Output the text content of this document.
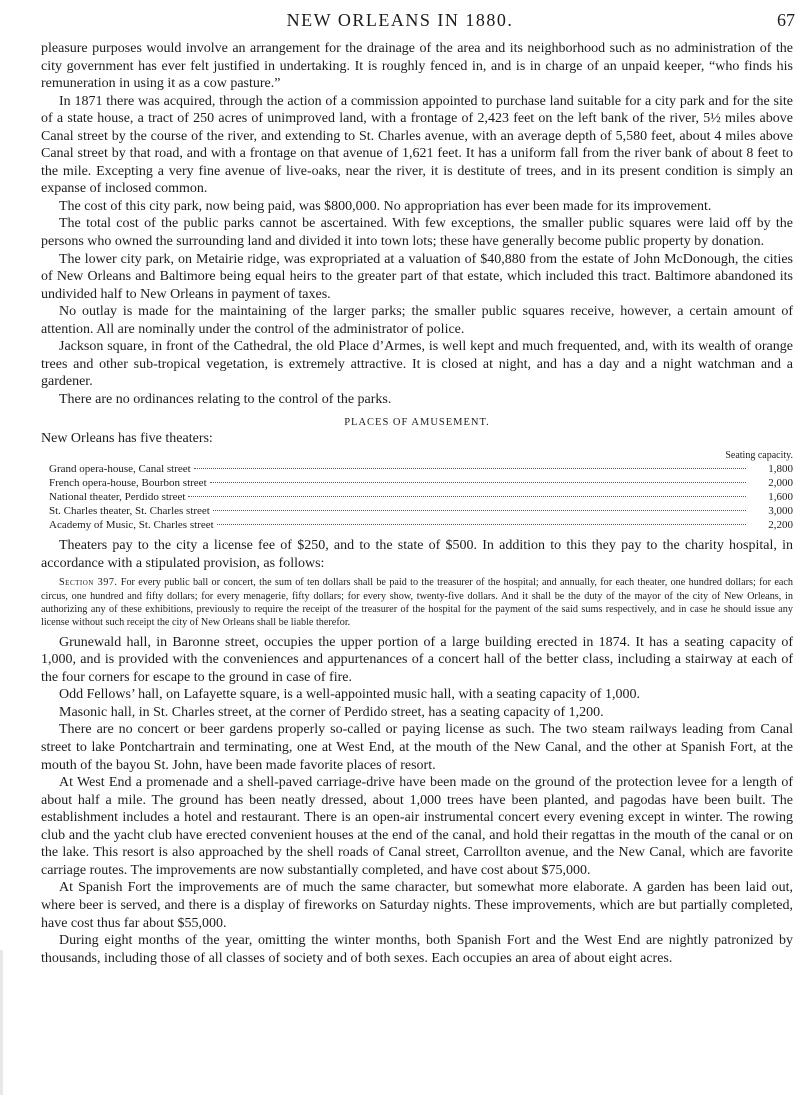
NEW ORLEANS IN 1880.	67

pleasure purposes would involve an arrangement for the drainage of the area and its neighborhood such as no administration of the city government has ever felt justified in undertaking. It is roughly fenced in, and is in charge of an unpaid keeper, “who finds his remuneration in using it as a cow pasture.”

In 1871 there was acquired, through the action of a commission appointed to purchase land suitable for a city park and for the site of a state house, a tract of 250 acres of unimproved land, with a frontage of 2,423 feet on the left bank of the river, 5½ miles above Canal street by the course of the river, and extending to St. Charles avenue, with an average depth of 5,580 feet, about 4 miles above Canal street by that road, and with a frontage on that avenue of 1,621 feet. It has a uniform fall from the river bank of about 8 feet to the mile. Excepting a very fine avenue of live-oaks, near the river, it is destitute of trees, and in its present condition is simply an expanse of inclosed common.

The cost of this city park, now being paid, was $800,000. No appropriation has ever been made for its improvement.

The total cost of the public parks cannot be ascertained. With few exceptions, the smaller public squares were laid off by the persons who owned the surrounding land and divided it into town lots; these have generally become public property by donation.

The lower city park, on Metairie ridge, was expropriated at a valuation of $40,880 from the estate of John McDonough, the cities of New Orleans and Baltimore being equal heirs to the greater part of that estate, which included this tract. Baltimore abandoned its undivided half to New Orleans in payment of taxes.

No outlay is made for the maintaining of the larger parks; the smaller public squares receive, however, a certain amount of attention. All are nominally under the control of the administrator of police.

Jackson square, in front of the Cathedral, the old Place d’Armes, is well kept and much frequented, and, with its wealth of orange trees and other sub-tropical vegetation, is extremely attractive. It is closed at night, and has a day and a night watchman and a gardener.

There are no ordinances relating to the control of the parks.

PLACES OF AMUSEMENT.

New Orleans has five theaters:

Seating capacity.
Grand opera-house, Canal street	1,800
French opera-house, Bourbon street	2,000
National theater, Perdido street	1,600
St. Charles theater, St. Charles street	3,000
Academy of Music, St. Charles street	2,200

Theaters pay to the city a license fee of $250, and to the state of $500. In addition to this they pay to the charity hospital, in accordance with a stipulated provision, as follows:

Section 397. For every public ball or concert, the sum of ten dollars shall be paid to the treasurer of the hospital; and annually, for each theater, one hundred dollars; for each circus, one hundred and fifty dollars; for every menagerie, fifty dollars; for every show, twenty-five dollars. And it shall be the duty of the mayor of the city of New Orleans, in authorizing any of these exhibitions, previously to require the receipt of the treasurer of the hospital for the payment of the said sums respectively, and in case he should issue any license without such receipt the city of New Orleans shall be liable therefor.

Grunewald hall, in Baronne street, occupies the upper portion of a large building erected in 1874. It has a seating capacity of 1,000, and is provided with the conveniences and appurtenances of a concert hall of the better class, including a stairway at each of the four corners for escape to the ground in case of fire.

Odd Fellows’ hall, on Lafayette square, is a well-appointed music hall, with a seating capacity of 1,000.

Masonic hall, in St. Charles street, at the corner of Perdido street, has a seating capacity of 1,200.

There are no concert or beer gardens properly so-called or paying license as such. The two steam railways leading from Canal street to lake Pontchartrain and terminating, one at West End, at the mouth of the New Canal, and the other at Spanish Fort, at the mouth of the bayou St. John, have been made favorite places of resort.

At West End a promenade and a shell-paved carriage-drive have been made on the ground of the protection levee for a length of about half a mile. The ground has been neatly dressed, about 1,000 trees have been planted, and pagodas have been built. The establishment includes a hotel and restaurant. There is an open-air instrumental concert every evening except in winter. The rowing club and the yacht club have erected convenient houses at the end of the canal, and hold their regattas in the mouth of the canal or on the lake. This resort is also approached by the shell roads of Canal street, Carrollton avenue, and the New Canal, which are favorite carriage routes. The improvements are now substantially completed, and have cost about $75,000.

At Spanish Fort the improvements are of much the same character, but somewhat more elaborate. A garden has been laid out, where beer is served, and there is a display of fireworks on Saturday nights. These improvements, which are but partially completed, have cost thus far about $55,000.

During eight months of the year, omitting the winter months, both Spanish Fort and the West End are nightly patronized by thousands, including those of all classes of society and of both sexes. Each occupies an area of about eight acres.
